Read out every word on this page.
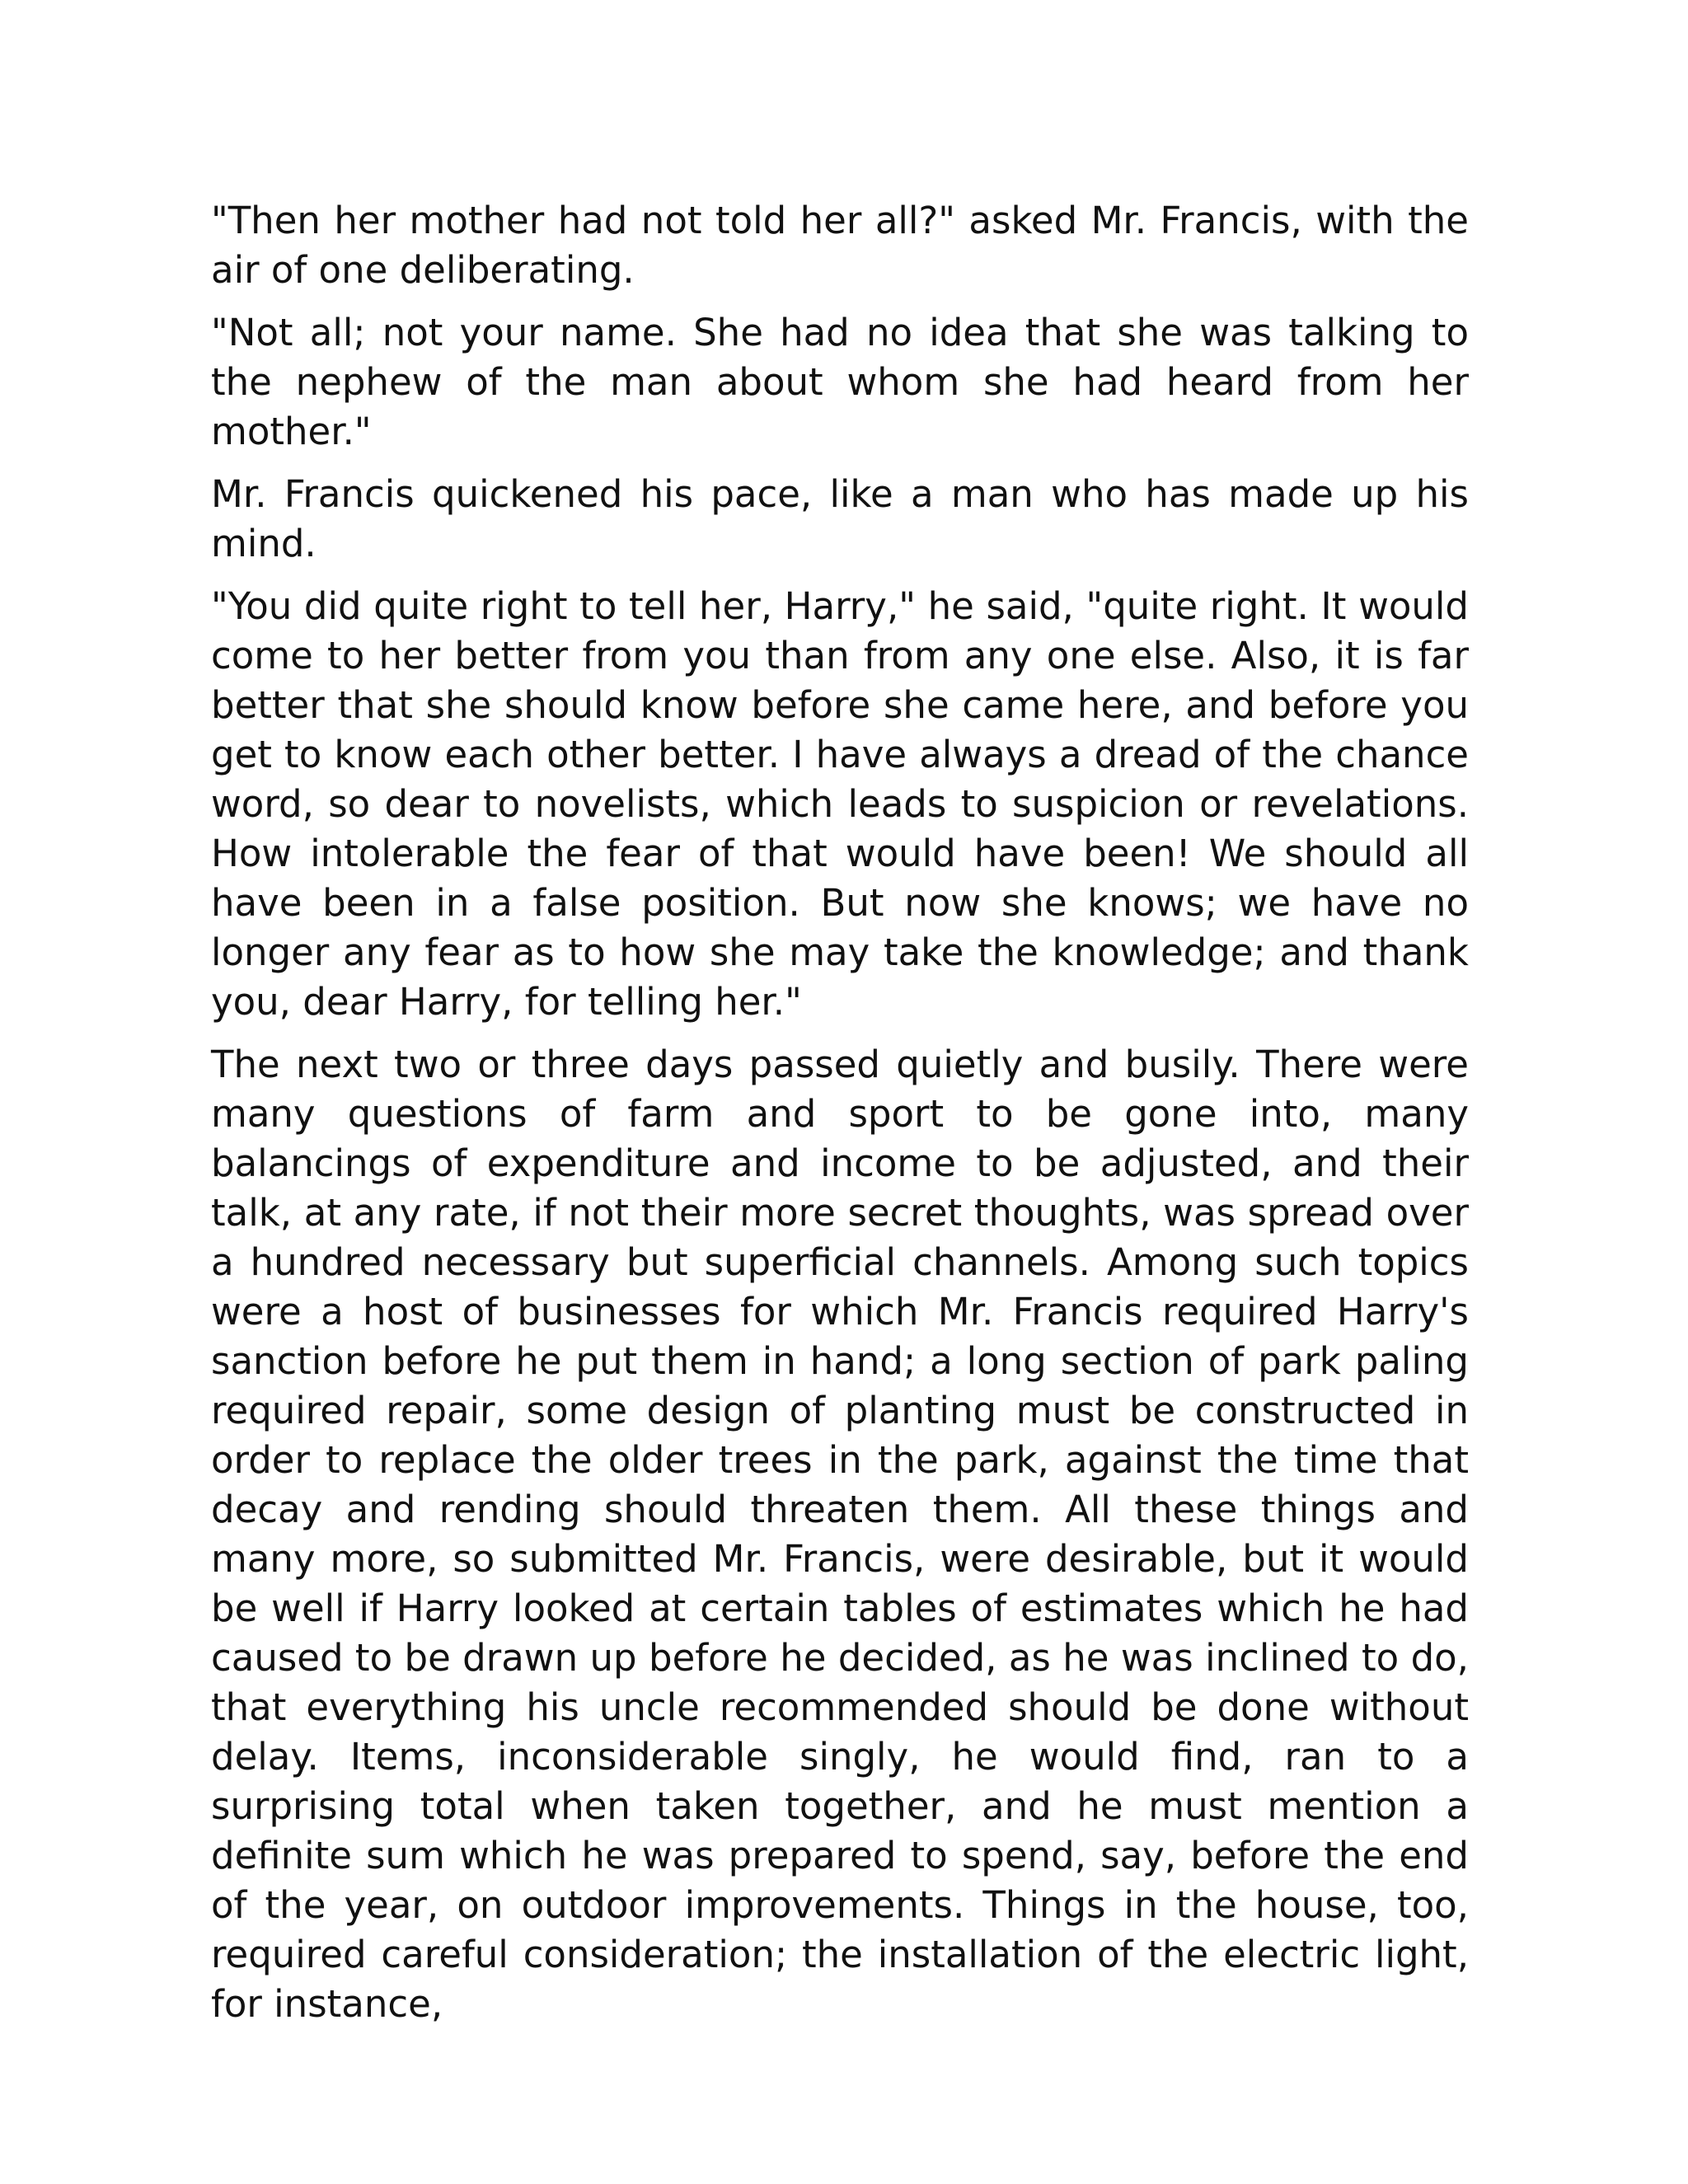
"Then her mother had not told her all?" asked Mr. Francis, with the air of one deliberating.

"Not all; not your name. She had no idea that she was talking to the nephew of the man about whom she had heard from her mother."

Mr. Francis quickened his pace, like a man who has made up his mind.

"You did quite right to tell her, Harry," he said, "quite right. It would come to her better from you than from any one else. Also, it is far better that she should know before she came here, and before you get to know each other better. I have always a dread of the chance word, so dear to novelists, which leads to suspicion or revelations. How intolerable the fear of that would have been! We should all have been in a false position. But now she knows; we have no longer any fear as to how she may take the knowledge; and thank you, dear Harry, for telling her."

The next two or three days passed quietly and busily. There were many questions of farm and sport to be gone into, many balancings of expenditure and income to be adjusted, and their talk, at any rate, if not their more secret thoughts, was spread over a hundred necessary but superficial channels. Among such topics were a host of businesses for which Mr. Francis required Harry's sanction before he put them in hand; a long section of park paling required repair, some design of planting must be constructed in order to replace the older trees in the park, against the time that decay and rending should threaten them. All these things and many more, so submitted Mr. Francis, were desirable, but it would be well if Harry looked at certain tables of estimates which he had caused to be drawn up before he decided, as he was inclined to do, that everything his uncle recommended should be done without delay. Items, inconsiderable singly, he would find, ran to a surprising total when taken together, and he must mention a definite sum which he was prepared to spend, say, before the end of the year, on outdoor improvements. Things in the house, too, required careful consideration; the installation of the electric light, for instance,
